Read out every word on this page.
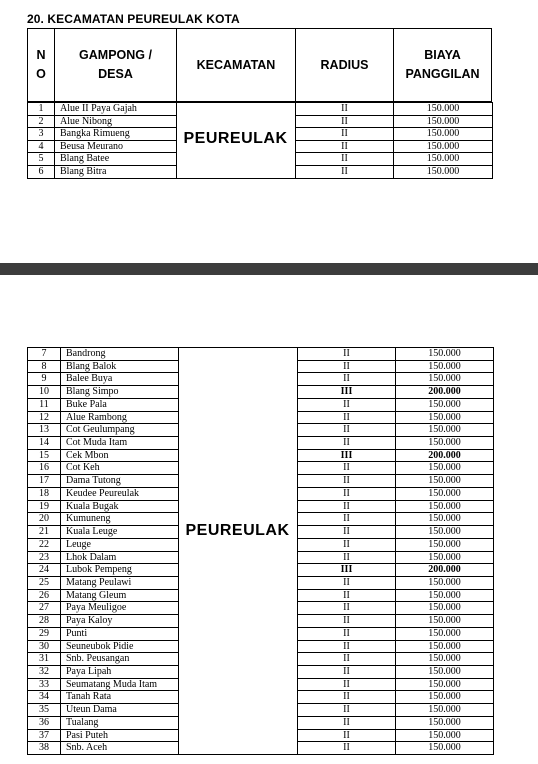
20. KECAMATAN PEUREULAK KOTA
N
O
GAMPONG /
DESA
KECAMATAN	RADIUS
BIAYA
PANGGILAN
1	Alue II Paya Gajah	II	150.000
2	Alue Nibong	II	150.000
3	Bangka Rimueng	II	150.000
4	Beusa Meurano	II	150.000
5	Blang Batee	II	150.000
6	Blang Bitra	II	150.000
PEUREULAK
7	Bandrong	II	150.000
8	Blang Balok	II	150.000
9	Balee Buya	II	150.000
10	Blang Simpo	III	200.000
11	Buke Pala	II	150.000
12	Alue Rambong	II	150.000
13	Cot Geulumpang	II	150.000
14	Cot Muda Itam	II	150.000
15	Cek Mbon	III	200.000
16	Cot Keh	II	150.000
17	Dama Tutong	II	150.000
18	Keudee Peureulak	II	150.000
19	Kuala Bugak	II	150.000
20	Kumuneng	II	150.000
21	Kuala Leuge	II	150.000
22	Leuge	II	150.000
23	Lhok Dalam	II	150.000
24	Lubok Pempeng	III	200.000
25	Matang Peulawi	II	150.000
26	Matang Gleum	II	150.000
27	Paya Meuligoe	II	150.000
28	Paya Kaloy	II	150.000
29	Punti	II	150.000
30	Seuneubok Pidie	II	150.000
31	Snb. Peusangan	II	150.000
32	Paya Lipah	II	150.000
33	Seumatang Muda Itam	II	150.000
34	Tanah Rata	II	150.000
35	Uteun Dama	II	150.000
36	Tualang	II	150.000
37	Pasi Puteh	II	150.000
38	Snb. Aceh	II	150.000
PEUREULAK
